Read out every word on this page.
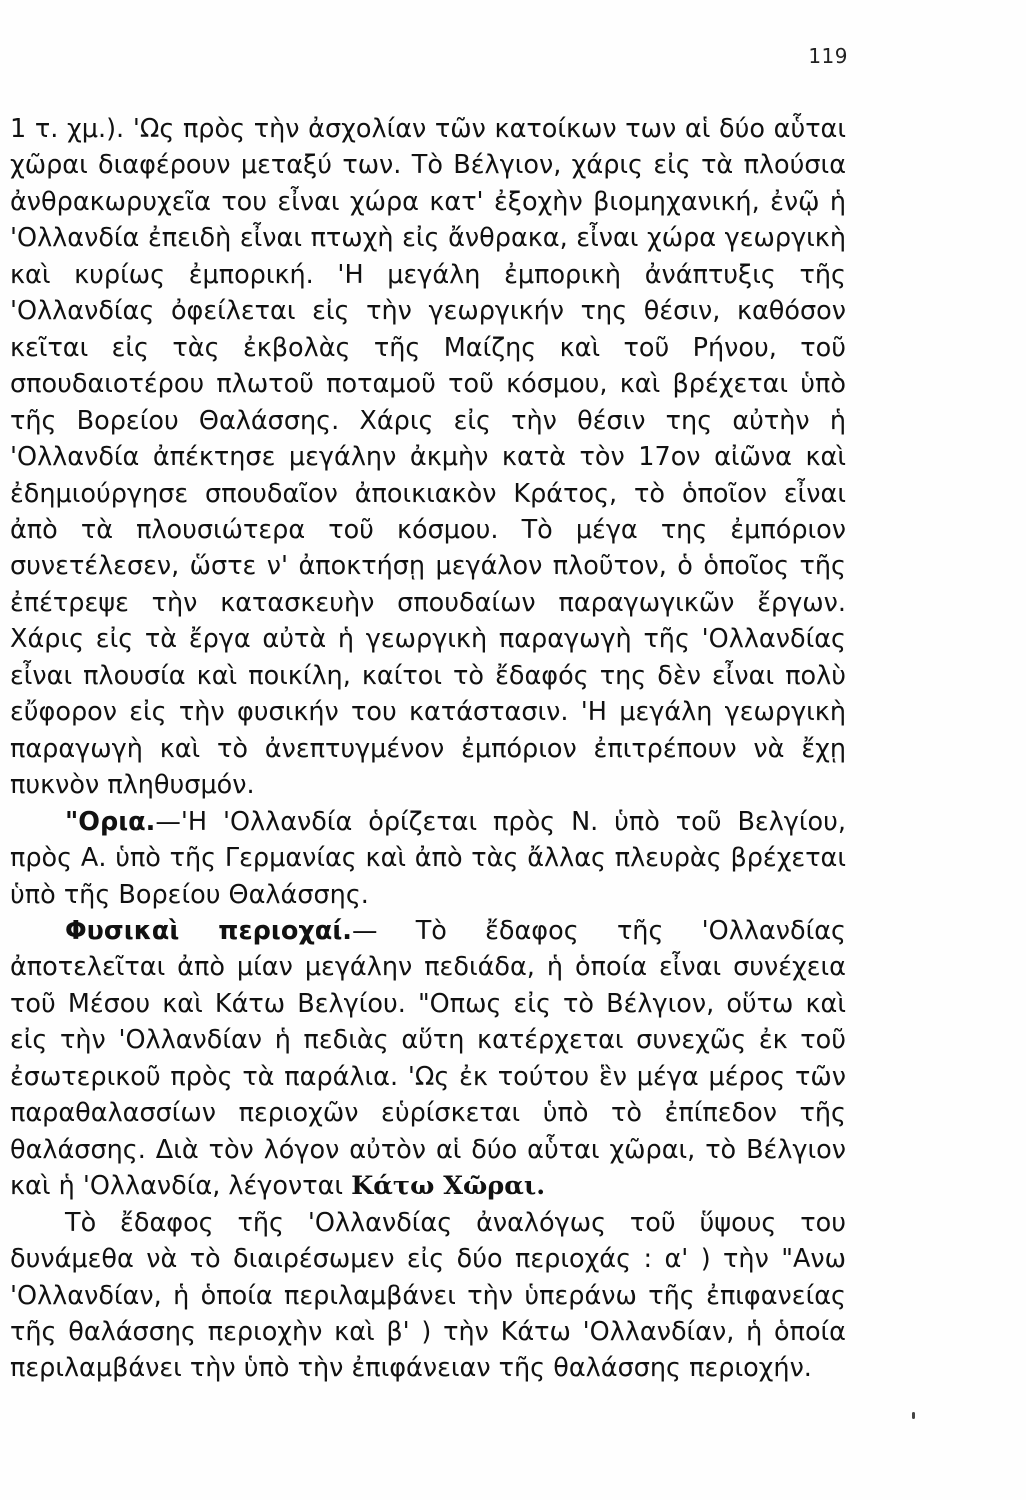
119

1 τ. χμ.). 'Ως πρὸς τὴν ἀσχολίαν τῶν κατοίκων των αἱ δύο αὗται χῶραι διαφέρουν μεταξύ των. Τὸ Βέλγιον, χάρις εἰς τὰ πλούσια ἀνθρακωρυχεῖα του εἶναι χώρα κατ' ἐξοχὴν βιομηχανική, ἐνῷ ἡ 'Ολλανδία ἐπειδὴ εἶναι πτωχὴ εἰς ἄνθρακα, εἶναι χώρα γεωργικὴ καὶ κυρίως ἐμπορική. 'Η μεγάλη ἐμπορικὴ ἀνάπτυξις τῆς 'Ολλανδίας ὀφείλεται εἰς τὴν γεωργικήν της θέσιν, καθόσον κεῖται εἰς τὰς ἐκβολὰς τῆς Μαίζης καὶ τοῦ Ρήνου, τοῦ σπουδαιοτέρου πλωτοῦ ποταμοῦ τοῦ κόσμου, καὶ βρέχεται ὑπὸ τῆς Βορείου Θαλάσσης. Χάρις εἰς τὴν θέσιν της αὐτὴν ἡ 'Ολλανδία ἀπέκτησε μεγάλην ἀκμὴν κατὰ τὸν 17ον αἰῶνα καὶ ἐδημιούργησε σπουδαῖον ἀποικιακὸν Κράτος, τὸ ὁποῖον εἶναι ἀπὸ τὰ πλουσιώτερα τοῦ κόσμου. Τὸ μέγα της ἐμπόριον συνετέλεσεν, ὥστε ν' ἀποκτήσῃ μεγάλον πλοῦτον, ὁ ὁποῖος τῆς ἐπέτρεψε τὴν κατασκευὴν σπουδαίων παραγωγικῶν ἔργων. Χάρις εἰς τὰ ἔργα αὐτὰ ἡ γεωργικὴ παραγωγὴ τῆς 'Ολλανδίας εἶναι πλουσία καὶ ποικίλη, καίτοι τὸ ἔδαφός της δὲν εἶναι πολὺ εὔφορον εἰς τὴν φυσικήν του κατάστασιν. 'Η μεγάλη γεωργικὴ παραγωγὴ καὶ τὸ ἀνεπτυγμένον ἐμπόριον ἐπιτρέπουν νὰ ἔχῃ πυκνὸν πληθυσμόν.

"Ορια.—'Η 'Ολλανδία ὁρίζεται πρὸς Ν. ὑπὸ τοῦ Βελγίου, πρὸς Α. ὑπὸ τῆς Γερμανίας καὶ ἀπὸ τὰς ἄλλας πλευρὰς βρέχεται ὑπὸ τῆς Βορείου Θαλάσσης.

Φυσικαὶ περιοχαί.— Τὸ ἔδαφος τῆς 'Ολλανδίας ἀποτελεῖται ἀπὸ μίαν μεγάλην πεδιάδα, ἡ ὁποία εἶναι συνέχεια τοῦ Μέσου καὶ Κάτω Βελγίου. "Οπως εἰς τὸ Βέλγιον, οὕτω καὶ εἰς τὴν 'Ολλανδίαν ἡ πεδιὰς αὕτη κατέρχεται συνεχῶς ἐκ τοῦ ἐσωτερικοῦ πρὸς τὰ παράλια. 'Ως ἐκ τούτου ἓν μέγα μέρος τῶν παραθαλασσίων περιοχῶν εὑρίσκεται ὑπὸ τὸ ἐπίπεδον τῆς θαλάσσης. Διὰ τὸν λόγον αὐτὸν αἱ δύο αὗται χῶραι, τὸ Βέλγιον καὶ ἡ 'Ολλανδία, λέγονται Κάτω Χῶραι.

Τὸ ἔδαφος τῆς 'Ολλανδίας ἀναλόγως τοῦ ὕψους του δυνάμεθα νὰ τὸ διαιρέσωμεν εἰς δύο περιοχάς : α' ) τὴν "Ανω 'Ολλανδίαν, ἡ ὁποία περιλαμβάνει τὴν ὑπεράνω τῆς ἐπιφανείας τῆς θαλάσσης περιοχὴν καὶ β' ) τὴν Κάτω 'Ολλανδίαν, ἡ ὁποία περιλαμβάνει τὴν ὑπὸ τὴν ἐπιφάνειαν τῆς θαλάσσης περιοχήν.
